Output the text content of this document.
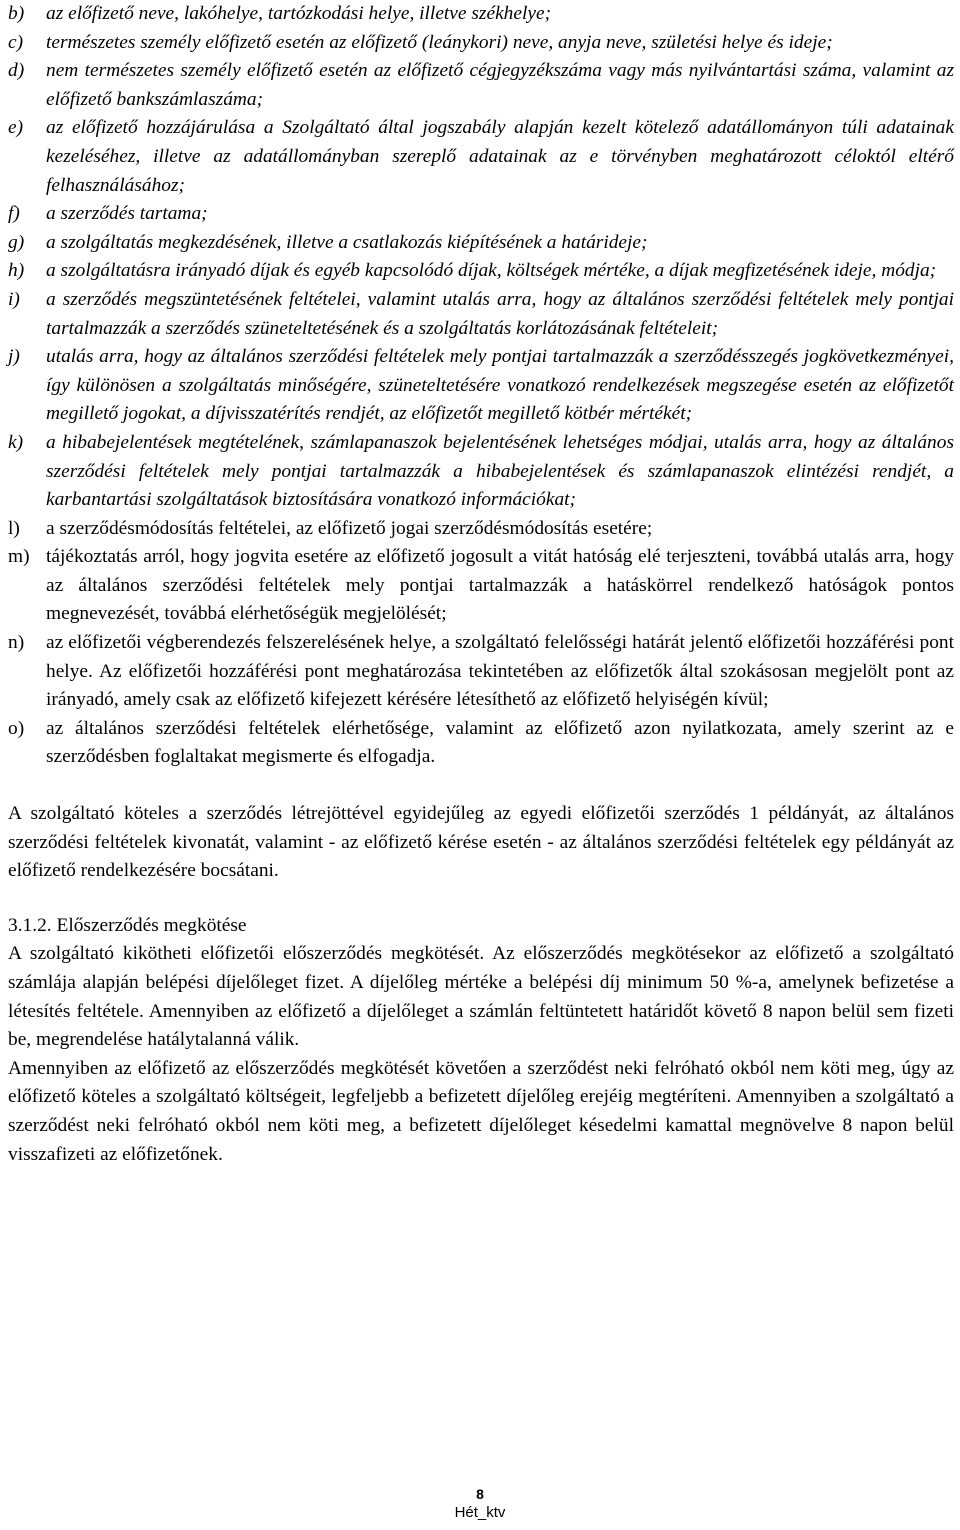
b) az előfizető neve, lakóhelye, tartózkodási helye, illetve székhelye;
c) természetes személy előfizető esetén az előfizető (leánykori) neve, anyja neve, születési helye és ideje;
d) nem természetes személy előfizető esetén az előfizető cégjegyzékszáma vagy más nyilvántartási száma, valamint az előfizető bankszámlaszáma;
e) az előfizető hozzájárulása a Szolgáltató által jogszabály alapján kezelt kötelező adatállományon túli adatainak kezeléséhez, illetve az adatállományban szereplő adatainak az e törvényben meghatározott céloktól eltérő felhasználásához;
f) a szerződés tartama;
g) a szolgáltatás megkezdésének, illetve a csatlakozás kiépítésének a határideje;
h) a szolgáltatásra irányadó díjak és egyéb kapcsolódó díjak, költségek mértéke, a díjak megfizetésének ideje, módja;
i) a szerződés megszüntetésének feltételei, valamint utalás arra, hogy az általános szerződési feltételek mely pontjai tartalmazzák a szerződés szüneteltetésének és a szolgáltatás korlátozásának feltételeit;
j) utalás arra, hogy az általános szerződési feltételek mely pontjai tartalmazzák a szerződésszegés jogkövetkezményei, így különösen a szolgáltatás minőségére, szüneteltetésére vonatkozó rendelkezések megszegése esetén az előfizetőt megillető jogokat, a díjvisszatérítés rendjét, az előfizetőt megillető kötbér mértékét;
k) a hibabejelentések megtételének, számlapanaszok bejelentésének lehetséges módjai, utalás arra, hogy az általános szerződési feltételek mely pontjai tartalmazzák a hibabejelentések és számlapanaszok elintézési rendjét, a karbantartási szolgáltatások biztosítására vonatkozó információkat;
l) a szerződésmódosítás feltételei, az előfizető jogai szerződésmódosítás esetére;
m) tájékoztatás arról, hogy jogvita esetére az előfizető jogosult a vitát hatóság elé terjeszteni, továbbá utalás arra, hogy az általános szerződési feltételek mely pontjai tartalmazzák a hatáskörrel rendelkező hatóságok pontos megnevezését, továbbá elérhetőségük megjelölését;
n) az előfizetői végberendezés felszerelésének helye, a szolgáltató felelősségi határát jelentő előfizetői hozzáférési pont helye. Az előfizetői hozzáférési pont meghatározása tekintetében az előfizetők által szokásosan megjelölt pont az irányadó, amely csak az előfizető kifejezett kérésére létesíthető az előfizető helyiségén kívül;
o) az általános szerződési feltételek elérhetősége, valamint az előfizető azon nyilatkozata, amely szerint az e szerződésben foglaltakat megismerte és elfogadja.

A szolgáltató köteles a szerződés létrejöttével egyidejűleg az egyedi előfizetői szerződés 1 példányát, az általános szerződési feltételek kivonatát, valamint - az előfizető kérése esetén - az általános szerződési feltételek egy példányát az előfizető rendelkezésére bocsátani.

3.1.2. Előszerződés megkötése

A szolgáltató kikötheti előfizetői előszerződés megkötését. Az előszerződés megkötésekor az előfizető a szolgáltató számlája alapján belépési díjelőleget fizet. A díjelőleg mértéke a belépési díj minimum 50 %-a, amelynek befizetése a létesítés feltétele. Amennyiben az előfizető a díjelőleget a számlán feltüntetett határidőt követő 8 napon belül sem fizeti be, megrendelése hatálytalanná válik.

Amennyiben az előfizető az előszerződés megkötését követően a szerződést neki felróható okból nem köti meg, úgy az előfizető köteles a szolgáltató költségeit, legfeljebb a befizetett díjelőleg erejéig megtéríteni. Amennyiben a szolgáltató a szerződést neki felróható okból nem köti meg, a befizetett díjelőleget késedelmi kamattal megnövelve 8 napon belül visszafizeti az előfizetőnek.

8
Hét_ktv
